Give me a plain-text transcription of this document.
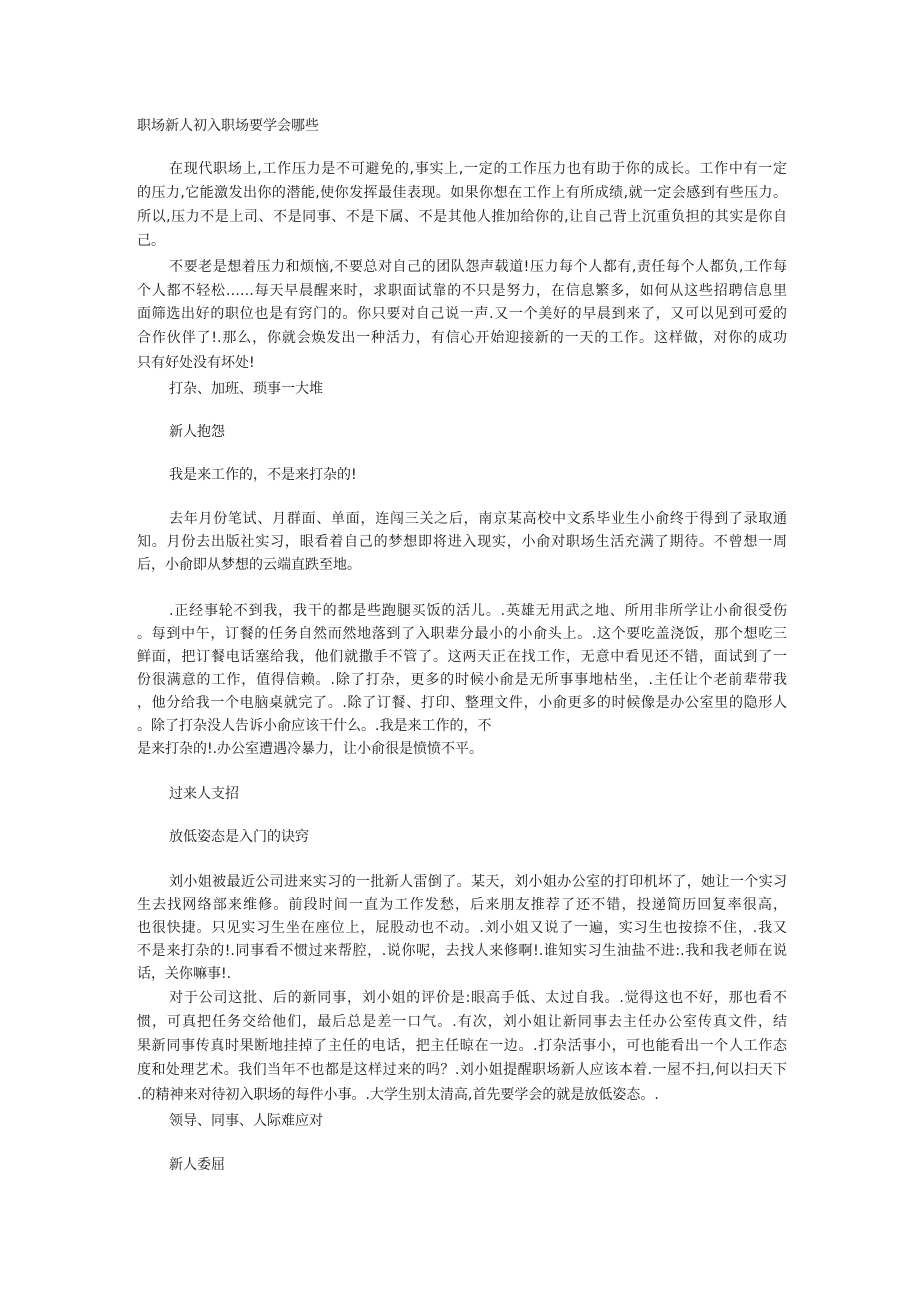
职场新人初入职场要学会哪些
在现代职场上,工作压力是不可避免的,事实上,一定的工作压力也有助于你的成长。工作中有一定
的压力,它能激发出你的潜能,使你发挥最佳表现。如果你想在工作上有所成绩,就一定会感到有些压力。
所以,压力不是上司、不是同事、不是下属、不是其他人推加给你的,让自己背上沉重负担的其实是你自
己。
不要老是想着压力和烦恼,不要总对自己的团队怨声载道!压力每个人都有,责任每个人都负,工作每
个人都不轻松……每天早晨醒来时，求职面试靠的不只是努力，在信息繁多，如何从这些招聘信息里
面筛选出好的职位也是有窍门的。你只要对自己说一声.又一个美好的早晨到来了，又可以见到可爱的
合作伙伴了!.那么，你就会焕发出一种活力，有信心开始迎接新的一天的工作。这样做，对你的成功
只有好处没有坏处!
打杂、加班、琐事一大堆
新人抱怨
我是来工作的，不是来打杂的!
去年月份笔试、月群面、单面，连闯三关之后，南京某高校中文系毕业生小俞终于得到了录取通
知。月份去出版社实习，眼看着自己的梦想即将进入现实，小俞对职场生活充满了期待。不曾想一周
后，小俞即从梦想的云端直跌至地。
.正经事轮不到我，我干的都是些跑腿买饭的活儿。.英雄无用武之地、所用非所学让小俞很受伤
。每到中午，订餐的任务自然而然地落到了入职辈分最小的小俞头上。.这个要吃盖浇饭，那个想吃三
鲜面，把订餐电话塞给我，他们就撒手不管了。这两天正在找工作，无意中看见还不错，面试到了一
份很满意的工作，值得信赖。.除了打杂，更多的时候小俞是无所事事地枯坐，.主任让个老前辈带我
，他分给我一个电脑桌就完了。.除了订餐、打印、整理文件，小俞更多的时候像是办公室里的隐形人
。除了打杂没人告诉小俞应该干什么。.我是来工作的，不
是来打杂的!.办公室遭遇冷暴力，让小俞很是愤愤不平。
过来人支招
放低姿态是入门的诀窍
刘小姐被最近公司进来实习的一批新人雷倒了。某天，刘小姐办公室的打印机坏了，她让一个实习
生去找网络部来维修。前段时间一直为工作发愁，后来朋友推荐了还不错，投递简历回复率很高，
也很快捷。只见实习生坐在座位上，屁股动也不动。.刘小姐又说了一遍，实习生也按捺不住，.我又
不是来打杂的!.同事看不惯过来帮腔，.说你呢，去找人来修啊!.谁知实习生油盐不进:.我和我老师在说
话，关你嘛事!.
对于公司这批、后的新同事，刘小姐的评价是:眼高手低、太过自我。.觉得这也不好，那也看不
惯，可真把任务交给他们，最后总是差一口气。.有次，刘小姐让新同事去主任办公室传真文件，结
果新同事传真时果断地挂掉了主任的电话，把主任晾在一边。.打杂活事小，可也能看出一个人工作态
度和处理艺术。我们当年不也都是这样过来的吗？.刘小姐提醒职场新人应该本着.一屋不扫,何以扫天下
.的精神来对待初入职场的每件小事。.大学生别太清高,首先要学会的就是放低姿态。.
领导、同事、人际难应对
新人委屈
